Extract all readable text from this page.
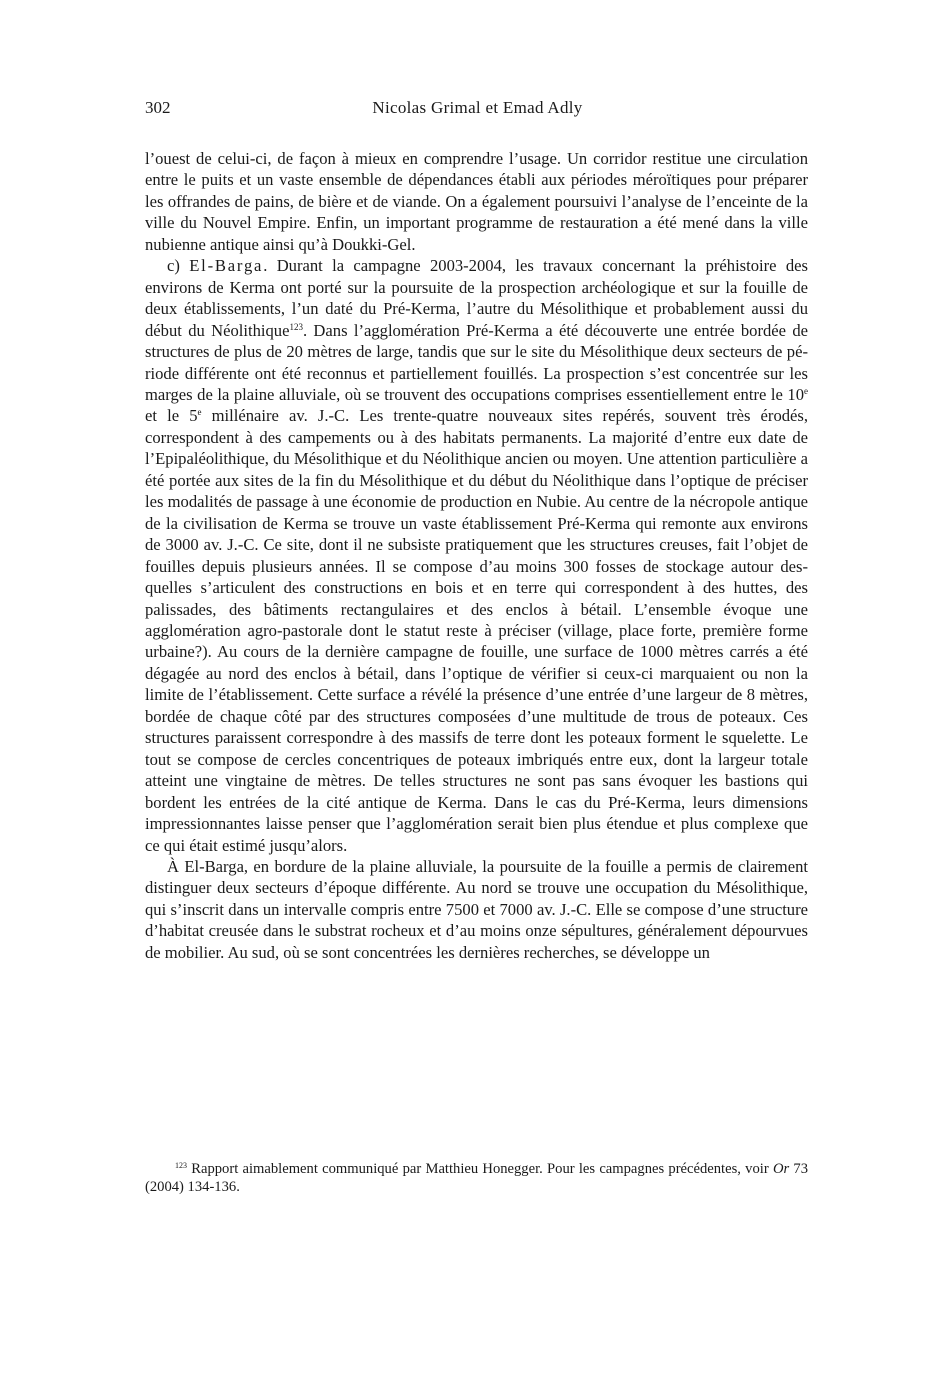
302	Nicolas Grimal et Emad Adly

l’ouest de celui-ci, de façon à mieux en comprendre l’usage. Un corridor restitue une circulation entre le puits et un vaste ensemble de dépendances établi aux périodes méroïtiques pour préparer les offrandes de pains, de bière et de viande. On a également poursuivi l’analyse de l’enceinte de la ville du Nouvel Empire. Enfin, un important programme de restauration a été mené dans la ville nubienne antique ainsi qu’à Doukki-Gel.

c) El-Barga. Durant la campagne 2003-2004, les travaux concernant la préhistoire des environs de Kerma ont porté sur la poursuite de la prospection archéologique et sur la fouille de deux établissements, l’un daté du Pré-Kerma, l’autre du Mésolithique et probablement aussi du début du Néolithique$^{123}$. Dans l’agglomération Pré-Kerma a été découverte une entrée bordée de structures de plus de 20 mètres de large, tandis que sur le site du Mésolithique deux secteurs de période différente ont été reconnus et partiellement fouillés. La prospection s’est concentrée sur les marges de la plaine alluviale, où se trouvent des occupations comprises essentiellement entre le 10e et le 5e millénaire av. J.-C. Les trente-quatre nouveaux sites repérés, souvent très érodés, correspondent à des campements ou à des habitats permanents. La majorité d’entre eux date de l’Epipaléolithique, du Mésolithique et du Néolithique ancien ou moyen. Une attention particulière a été portée aux sites de la fin du Mésolithique et du début du Néolithique dans l’optique de préciser les modalités de passage à une économie de production en Nubie. Au centre de la nécropole antique de la civilisation de Kerma se trouve un vaste établissement Pré-Kerma qui remonte aux environs de 3000 av. J.-C. Ce site, dont il ne subsiste pratiquement que les structures creuses, fait l’objet de fouilles depuis plusieurs années. Il se compose d’au moins 300 fosses de stockage autour desquelles s’articulent des constructions en bois et en terre qui correspondent à des huttes, des palissades, des bâtiments rectangulaires et des enclos à bétail. L’ensemble évoque une agglomération agro-pastorale dont le statut reste à préciser (village, place forte, première forme urbaine?). Au cours de la dernière campagne de fouille, une surface de 1000 mètres carrés a été dégagée au nord des enclos à bétail, dans l’optique de vérifier si ceux-ci marquaient ou non la limite de l’établissement. Cette surface a révélé la présence d’une entrée d’une largeur de 8 mètres, bordée de chaque côté par des structures composées d’une multitude de trous de poteaux. Ces structures paraissent correspondre à des massifs de terre dont les poteaux forment le squelette. Le tout se compose de cercles concentriques de poteaux imbriqués entre eux, dont la largeur totale atteint une vingtaine de mètres. De telles structures ne sont pas sans évoquer les bastions qui bordent les entrées de la cité antique de Kerma. Dans le cas du Pré-Kerma, leurs dimensions impressionnantes laisse penser que l’agglomération serait bien plus étendue et plus complexe que ce qui était estimé jusqu’alors.

À El-Barga, en bordure de la plaine alluviale, la poursuite de la fouille a permis de clairement distinguer deux secteurs d’époque différente. Au nord se trouve une occupation du Mésolithique, qui s’inscrit dans un intervalle compris entre 7500 et 7000 av. J.-C. Elle se compose d’une structure d’habitat creusée dans le substrat rocheux et d’au moins onze sépultures, généralement dépourvues de mobilier. Au sud, où se sont concentrées les dernières recherches, se développe un

$^{123}$ Rapport aimablement communiqué par Matthieu Honegger. Pour les campagnes précédentes, voir Or 73 (2004) 134-136.
